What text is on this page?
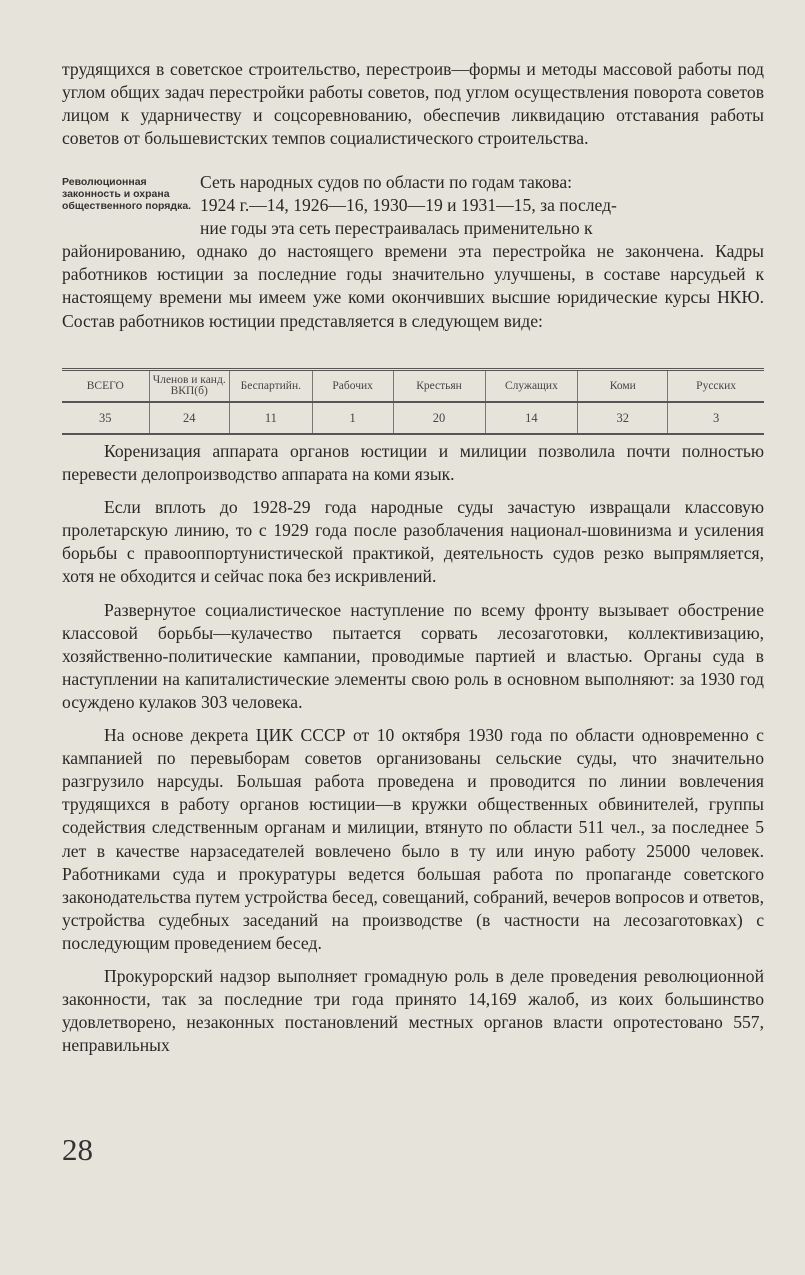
трудящихся в советское строительство, перестроив—формы и методы массовой работы под углом общих задач перестройки работы советов, под углом осуществления поворота советов лицом к ударничеству и соцсоревнованию, обеспечив ликвидацию отставания работы советов от большевистских темпов социалистического строительства.

Революционная законность и охрана общественного порядка.

Сеть народных судов по области по годам такова:

1924 г.—14, 1926—16, 1930—19 и 1931—15, за послед-

ние годы эта сеть перестраивалась применительно к

районированию, однако до настоящего времени эта перестройка не закончена. Кадры работников юстиции за последние годы значительно улучшены, в составе нарсудьей к настоящему времени мы имеем уже коми окончивших высшие юридические курсы НКЮ. Состав работников юстиции представляется в следующем виде:

ВСЕГО	Членов и канд. ВКП(б)	Беспартийн.	Рабочих	Крестьян	Служащих	Коми	Русских
35	24	11	1	20	14	32	3

Коренизация аппарата органов юстиции и милиции позволила почти полностью перевести делопроизводство аппарата на коми язык.

Если вплоть до 1928-29 года народные суды зачастую извращали классовую пролетарскую линию, то с 1929 года после разоблачения национал-шовинизма и усиления борьбы с правооппортунистической практикой, деятельность судов резко выпрямляется, хотя не обходится и сейчас пока без искривлений.

Развернутое социалистическое наступление по всему фронту вызывает обострение классовой борьбы—кулачество пытается сорвать лесозаготовки, коллективизацию, хозяйственно-политические кампании, проводимые партией и властью. Органы суда в наступлении на капиталистические элементы свою роль в основном выполняют: за 1930 год осуждено кулаков 303 человека.

На основе декрета ЦИК СССР от 10 октября 1930 года по области одновременно с кампанией по перевыборам советов организованы сельские суды, что значительно разгрузило нарсуды. Большая работа проведена и проводится по линии вовлечения трудящихся в работу органов юстиции—в кружки общественных обвинителей, группы содействия следственным органам и милиции, втянуто по области 511 чел., за последнее 5 лет в качестве нарзаседателей вовлечено было в ту или иную работу 25000 человек. Работниками суда и прокуратуры ведется большая работа по пропаганде советского законодательства путем устройства бесед, совещаний, собраний, вечеров вопросов и ответов, устройства судебных заседаний на производстве (в частности на лесозаготовках) с последующим проведением бесед.

Прокурорский надзор выполняет громадную роль в деле проведения революционной законности, так за последние три года принято 14,169 жалоб, из коих большинство удовлетворено, незаконных постановлений местных органов власти опротестовано 557, неправильных

28
